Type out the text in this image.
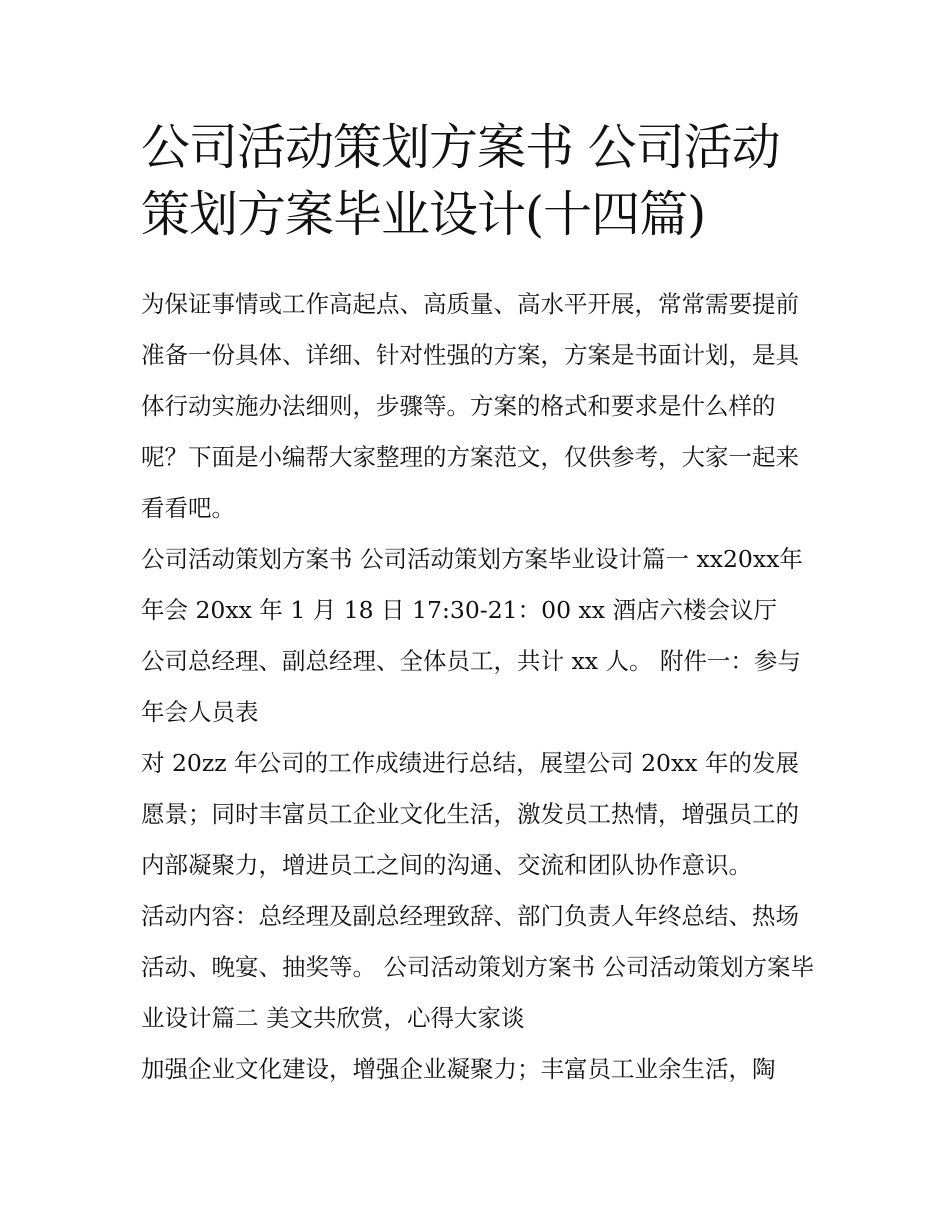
公司活动策划方案书 公司活动策划方案毕业设计(十四篇)

为保证事情或工作高起点、高质量、高水平开展，常常需要提前准备一份具体、详细、针对性强的方案，方案是书面计划，是具体行动实施办法细则，步骤等。方案的格式和要求是什么样的呢？下面是小编帮大家整理的方案范文，仅供参考，大家一起来看看吧。

公司活动策划方案书 公司活动策划方案毕业设计篇一 xx20xx年年会 20xx 年 1 月 18 日 17:30-21：00 xx 酒店六楼会议厅

公司总经理、副总经理、全体员工，共计 xx 人。 附件一：参与年会人员表

对 20zz 年公司的工作成绩进行总结，展望公司 20xx 年的发展愿景；同时丰富员工企业文化生活，激发员工热情，增强员工的内部凝聚力，增进员工之间的沟通、交流和团队协作意识。

活动内容：总经理及副总经理致辞、部门负责人年终总结、热场活动、晚宴、抽奖等。 公司活动策划方案书 公司活动策划方案毕业设计篇二 美文共欣赏，心得大家谈

加强企业文化建设，增强企业凝聚力；丰富员工业余生活，陶
